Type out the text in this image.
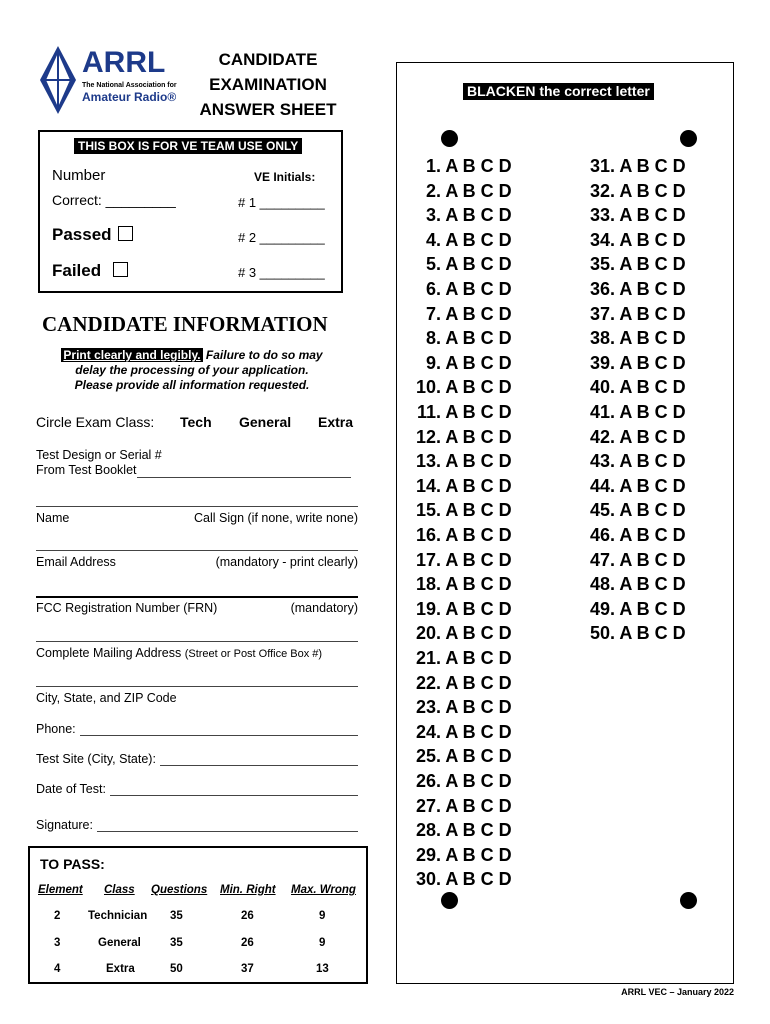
ARRL
The National Association for
Amateur Radio®
CANDIDATE
EXAMINATION
ANSWER SHEET
THIS BOX IS FOR VE TEAM USE ONLY
Number
Correct: _________
Passed
Failed
VE Initials:
# 1 _________
# 2 _________
# 3 _________
CANDIDATE INFORMATION
Print clearly and legibly. Failure to do so may
delay the processing of your application.
Please provide all information requested.
Circle Exam Class: Tech General Extra
Test Design or Serial #
From Test Booklet
Name	Call Sign (if none, write none)
Email Address	(mandatory - print clearly)
FCC Registration Number (FRN)	(mandatory)
Complete Mailing Address (Street or Post Office Box #)
City, State, and ZIP Code
Phone:
Test Site (City, State):
Date of Test:
Signature:
TO PASS:
Element Class Questions Min. Right Max. Wrong
2 Technician 35	26	9
3	General	35	26	9
4	Extra	50	37	13
BLACKEN the correct letter
1. A B C D
2. A B C D
3. A B C D
4. A B C D
5. A B C D
6. A B C D
7. A B C D
8. A B C D
9. A B C D
10. A B C D
11. A B C D
12. A B C D
13. A B C D
14. A B C D
15. A B C D
16. A B C D
17. A B C D
18. A B C D
19. A B C D
20. A B C D
21. A B C D
22. A B C D
23. A B C D
24. A B C D
25. A B C D
26. A B C D
27. A B C D
28. A B C D
29. A B C D
30. A B C D
31. A B C D
32. A B C D
33. A B C D
34. A B C D
35. A B C D
36. A B C D
37. A B C D
38. A B C D
39. A B C D
40. A B C D
41. A B C D
42. A B C D
43. A B C D
44. A B C D
45. A B C D
46. A B C D
47. A B C D
48. A B C D
49. A B C D
50. A B C D
ARRL VEC – January 2022
